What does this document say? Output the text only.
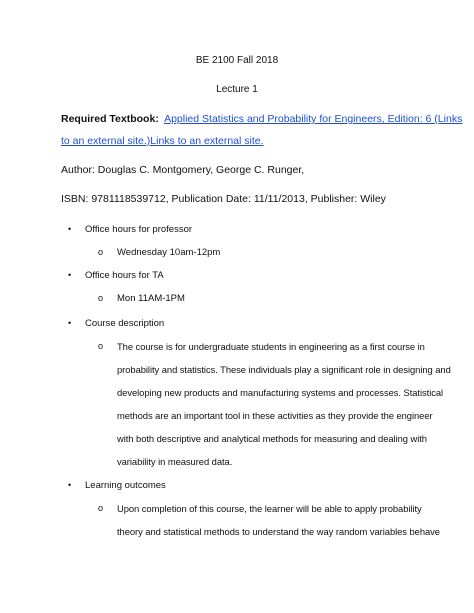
BE 2100 Fall 2018
Lecture 1
Required Textbook: Applied Statistics and Probability for Engineers, Edition: 6 (Links
to an external site.)Links to an external site.
Author: Douglas C. Montgomery, George C. Runger,
ISBN: 9781118539712, Publication Date: 11/11/2013, Publisher: Wiley
• Office hours for professor
o Wednesday 10am-12pm
• Office hours for TA
o Mon 11AM-1PM
• Course description
o The course is for undergraduate students in engineering as a first course in
probability and statistics. These individuals play a significant role in designing and
developing new products and manufacturing systems and processes. Statistical
methods are an important tool in these activities as they provide the engineer
with both descriptive and analytical methods for measuring and dealing with
variability in measured data.
• Learning outcomes
o Upon completion of this course, the learner will be able to apply probability
theory and statistical methods to understand the way random variables behave
